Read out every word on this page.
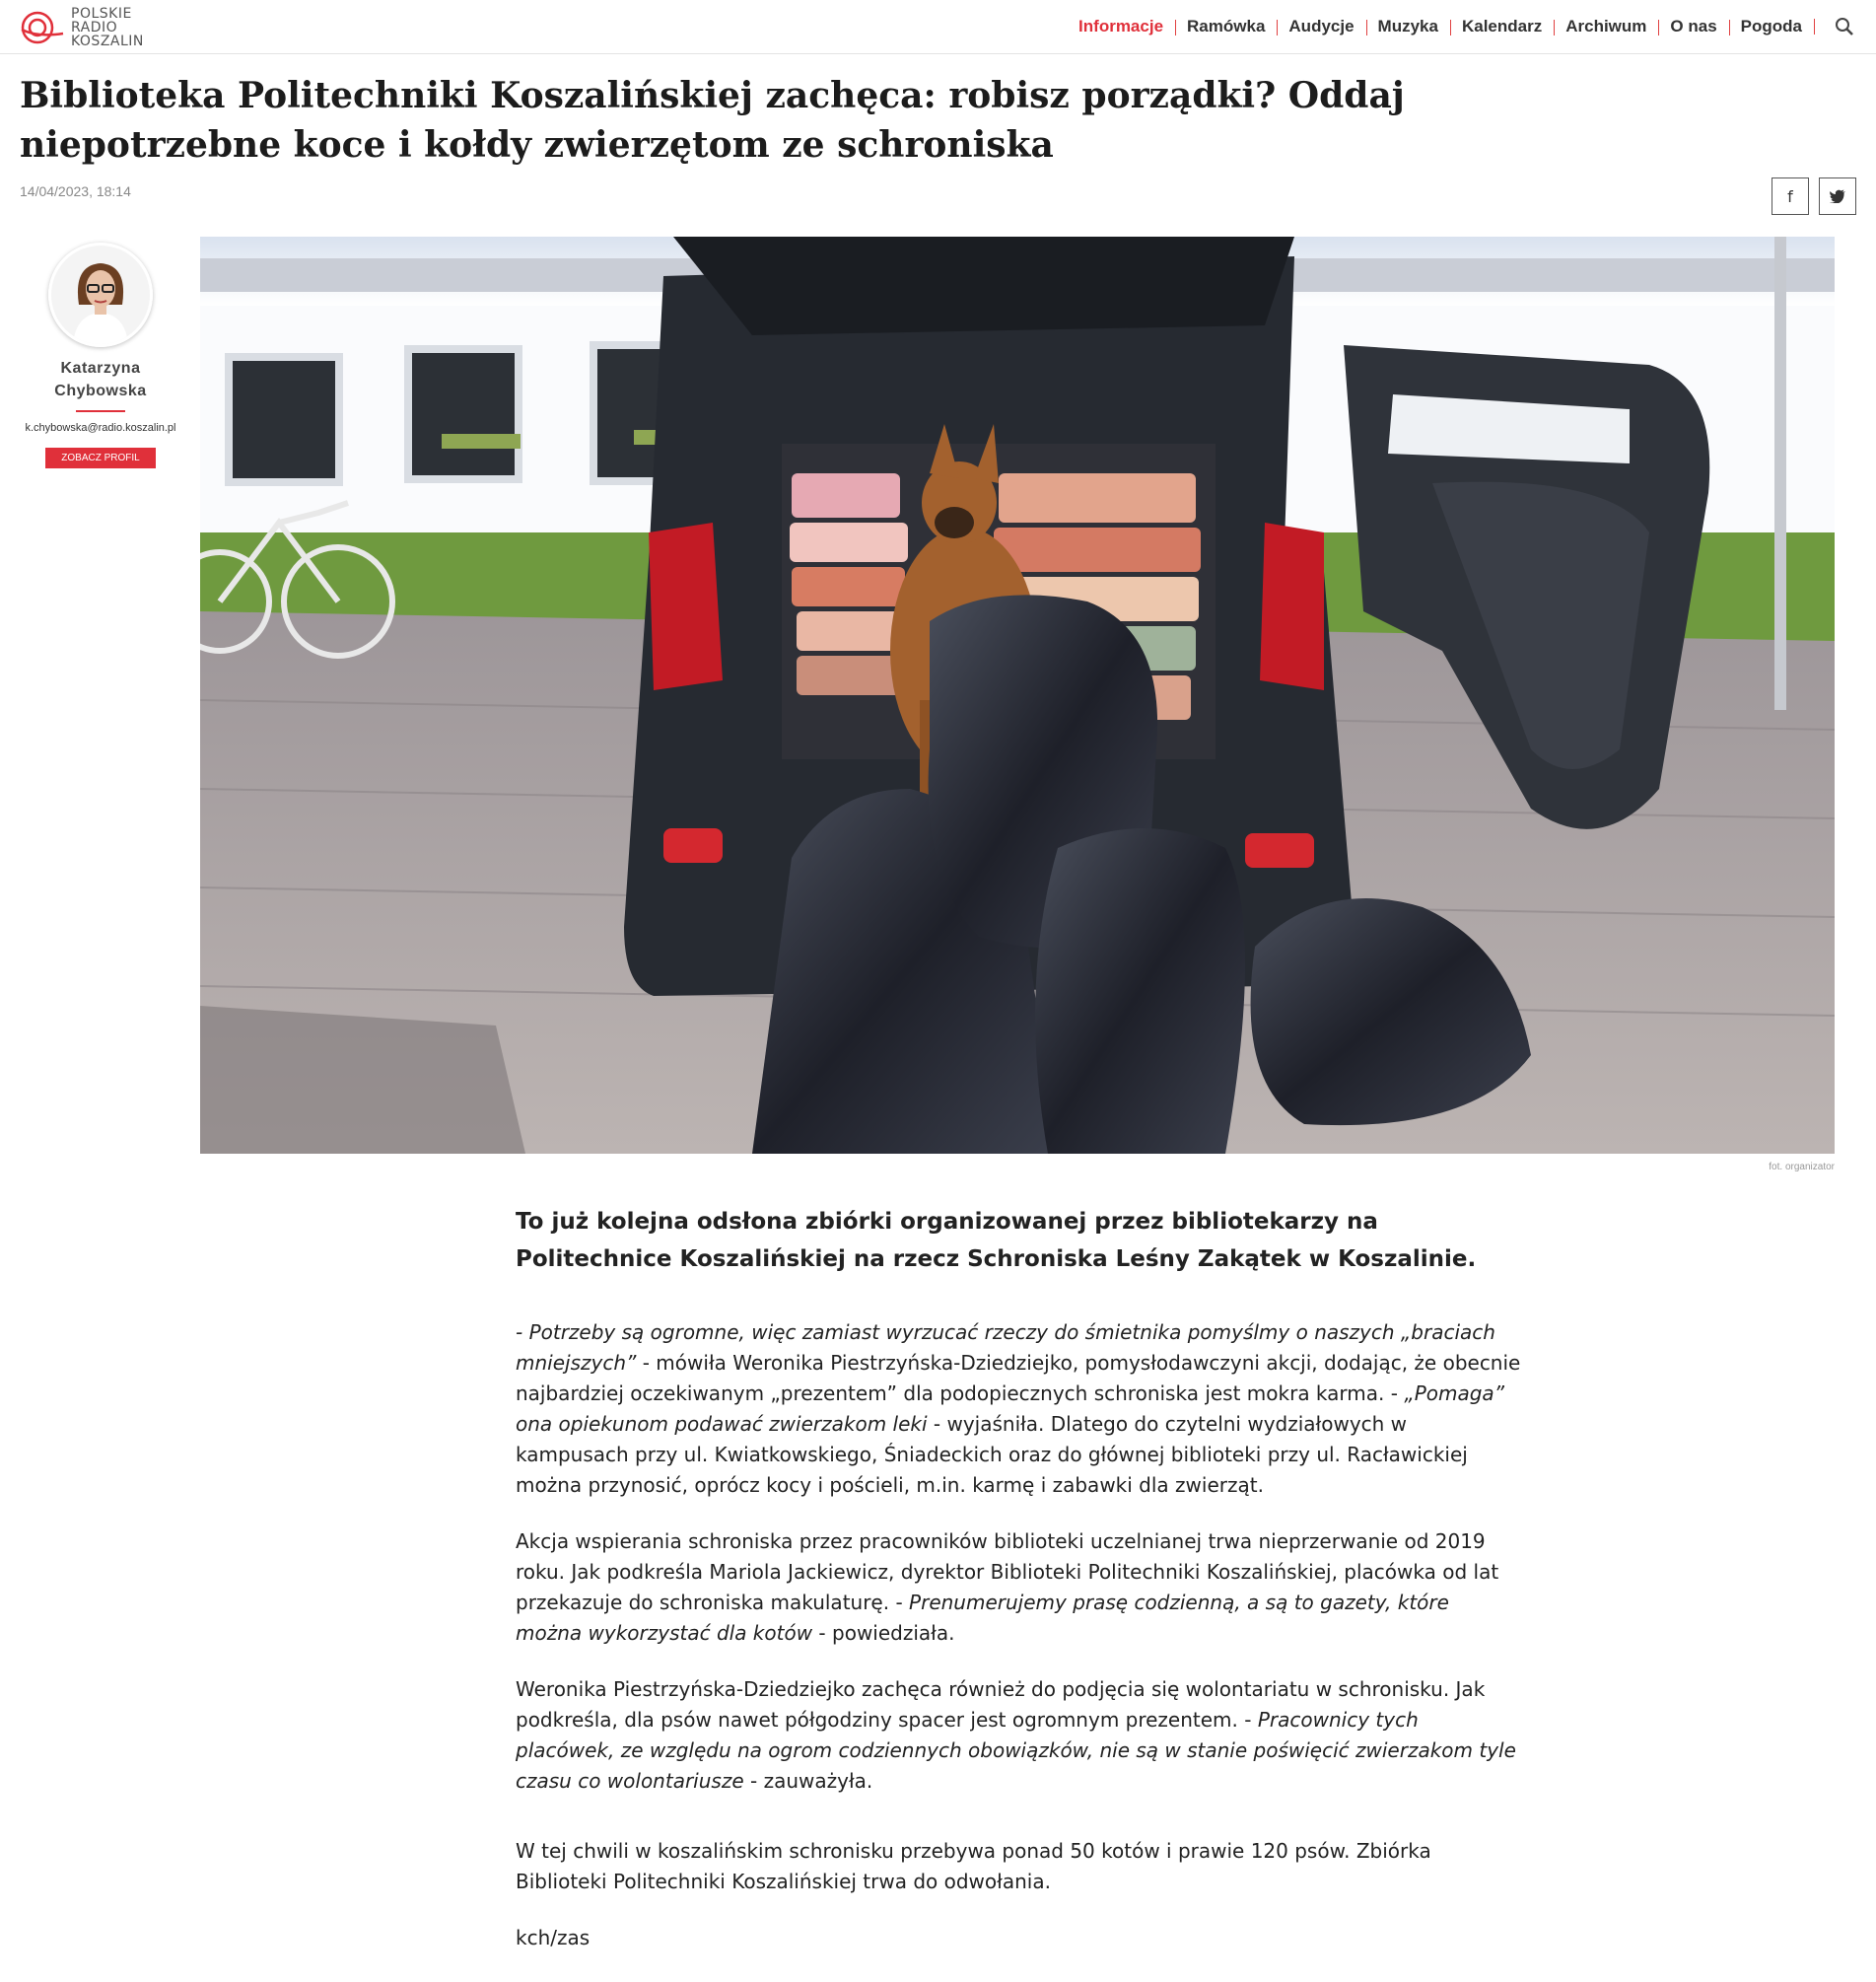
POLSKIE
RADIO
KOSZALIN
Informacje	Ramówka	Audycje	Muzyka	Kalendarz	Archiwum	O nas	Pogoda
Biblioteka Politechniki Koszalińskiej zachęca: robisz porządki? Oddaj niepotrzebne koce i kołdy zwierzętom ze schroniska
14/04/2023, 18:14	f
Katarzyna
Chybowska
k.chybowska@radio.koszalin.pl
ZOBACZ PROFIL
fot. organizator

To już kolejna odsłona zbiórki organizowanej przez bibliotekarzy na Politechnice Koszalińskiej na rzecz Schroniska Leśny Zakątek w Koszalinie.

- Potrzeby są ogromne, więc zamiast wyrzucać rzeczy do śmietnika pomyślmy o naszych „braciach mniejszych” - mówiła Weronika Piestrzyńska-Dziedziejko, pomysłodawczyni akcji, dodając, że obecnie najbardziej oczekiwanym „prezentem” dla podopiecznych schroniska jest mokra karma. - „Pomaga” ona opiekunom podawać zwierzakom leki - wyjaśniła. Dlatego do czytelni wydziałowych w kampusach przy ul. Kwiatkowskiego, Śniadeckich oraz do głównej biblioteki przy ul. Racławickiej można przynosić, oprócz kocy i pościeli, m.in. karmę i zabawki dla zwierząt.

Akcja wspierania schroniska przez pracowników biblioteki uczelnianej trwa nieprzerwanie od 2019 roku. Jak podkreśla Mariola Jackiewicz, dyrektor Biblioteki Politechniki Koszalińskiej, placówka od lat przekazuje do schroniska makulaturę. - Prenumerujemy prasę codzienną, a są to gazety, które można wykorzystać dla kotów - powiedziała.

Weronika Piestrzyńska-Dziedziejko zachęca również do podjęcia się wolontariatu w schronisku. Jak podkreśla, dla psów nawet półgodziny spacer jest ogromnym prezentem. - Pracownicy tych placówek, ze względu na ogrom codziennych obowiązków, nie są w stanie poświęcić zwierzakom tyle czasu co wolontariusze - zauważyła.

W tej chwili w koszalińskim schronisku przebywa ponad 50 kotów i prawie 120 psów. Zbiórka Biblioteki Politechniki Koszalińskiej trwa do odwołania.

kch/zas
